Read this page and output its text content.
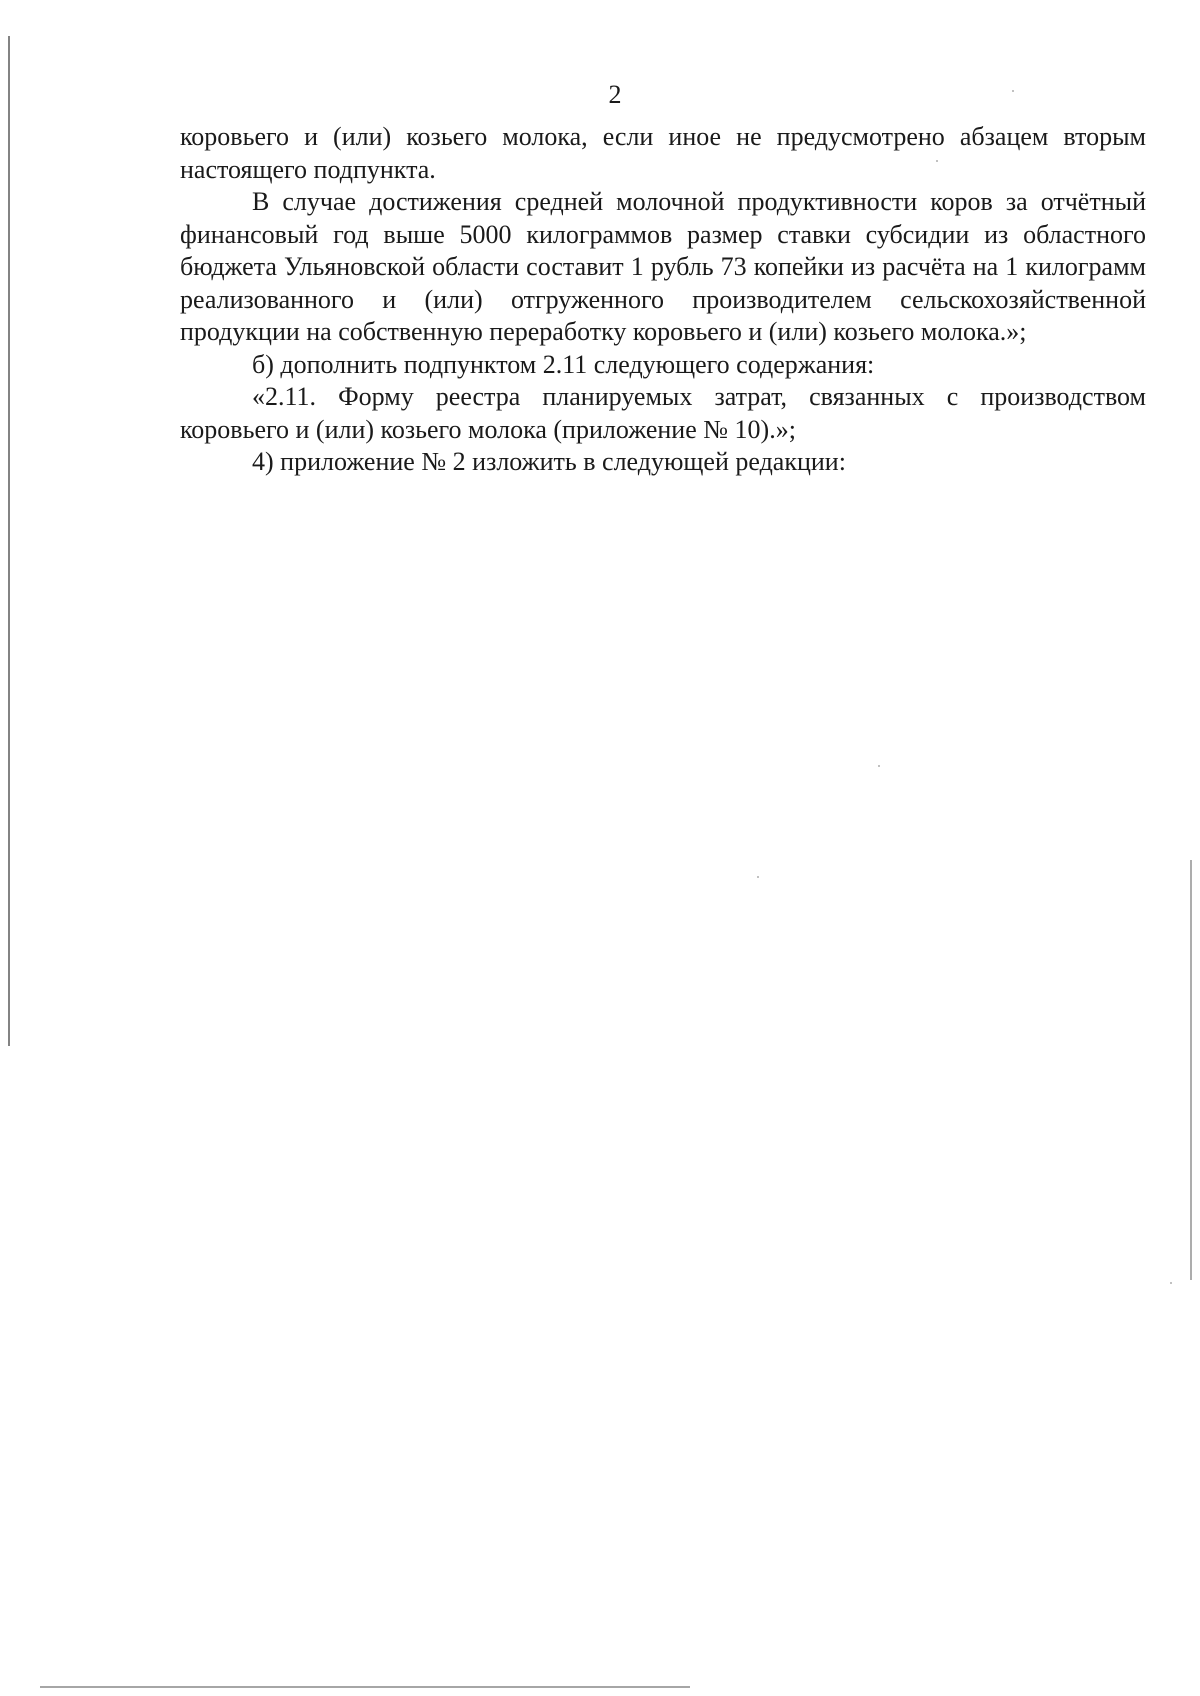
2

коровьего и (или) козьего молока, если иное не предусмотрено абзацем вторым настоящего подпункта.

В случае достижения средней молочной продуктивности коров за отчётный финансовый год выше 5000 килограммов размер ставки субсидии из областного бюджета Ульяновской области составит 1 рубль 73 копейки из расчёта на 1 килограмм реализованного и (или) отгруженного производителем сельскохозяйственной продукции на собственную переработку коровьего и (или) козьего молока.»;

б) дополнить подпунктом 2.11 следующего содержания:

«2.11. Форму реестра планируемых затрат, связанных с производством коровьего и (или) козьего молока (приложение № 10).»;

4) приложение № 2 изложить в следующей редакции:
